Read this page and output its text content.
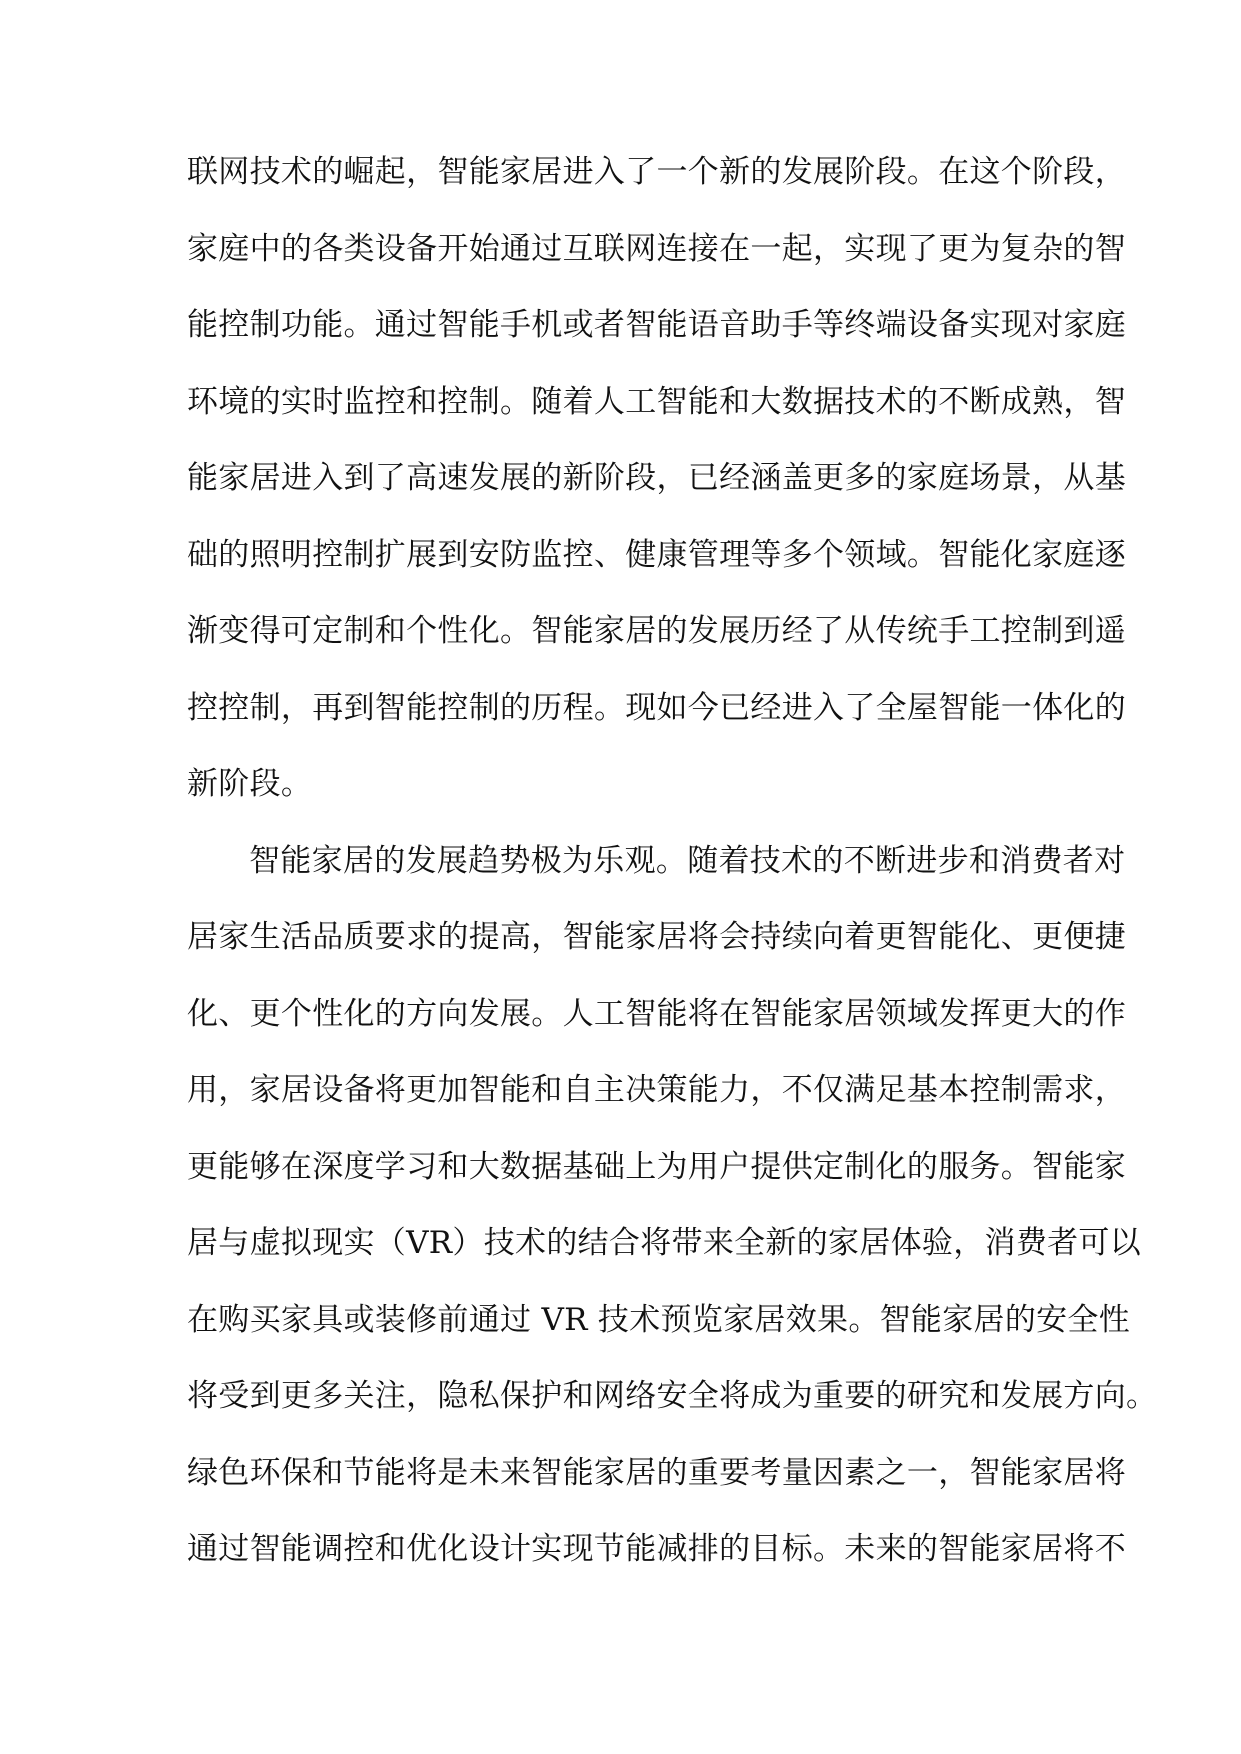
联网技术的崛起，智能家居进入了一个新的发展阶段。在这个阶段，
家庭中的各类设备开始通过互联网连接在一起，实现了更为复杂的智
能控制功能。通过智能手机或者智能语音助手等终端设备实现对家庭
环境的实时监控和控制。随着人工智能和大数据技术的不断成熟，智
能家居进入到了高速发展的新阶段，已经涵盖更多的家庭场景，从基
础的照明控制扩展到安防监控、健康管理等多个领域。智能化家庭逐
渐变得可定制和个性化。智能家居的发展历经了从传统手工控制到遥
控控制，再到智能控制的历程。现如今已经进入了全屋智能一体化的
新阶段。
智能家居的发展趋势极为乐观。随着技术的不断进步和消费者对
居家生活品质要求的提高，智能家居将会持续向着更智能化、更便捷
化、更个性化的方向发展。人工智能将在智能家居领域发挥更大的作
用，家居设备将更加智能和自主决策能力，不仅满足基本控制需求，
更能够在深度学习和大数据基础上为用户提供定制化的服务。智能家
居与虚拟现实（VR）技术的结合将带来全新的家居体验，消费者可以
在购买家具或装修前通过 VR 技术预览家居效果。智能家居的安全性
将受到更多关注，隐私保护和网络安全将成为重要的研究和发展方向。
绿色环保和节能将是未来智能家居的重要考量因素之一，智能家居将
通过智能调控和优化设计实现节能减排的目标。未来的智能家居将不
